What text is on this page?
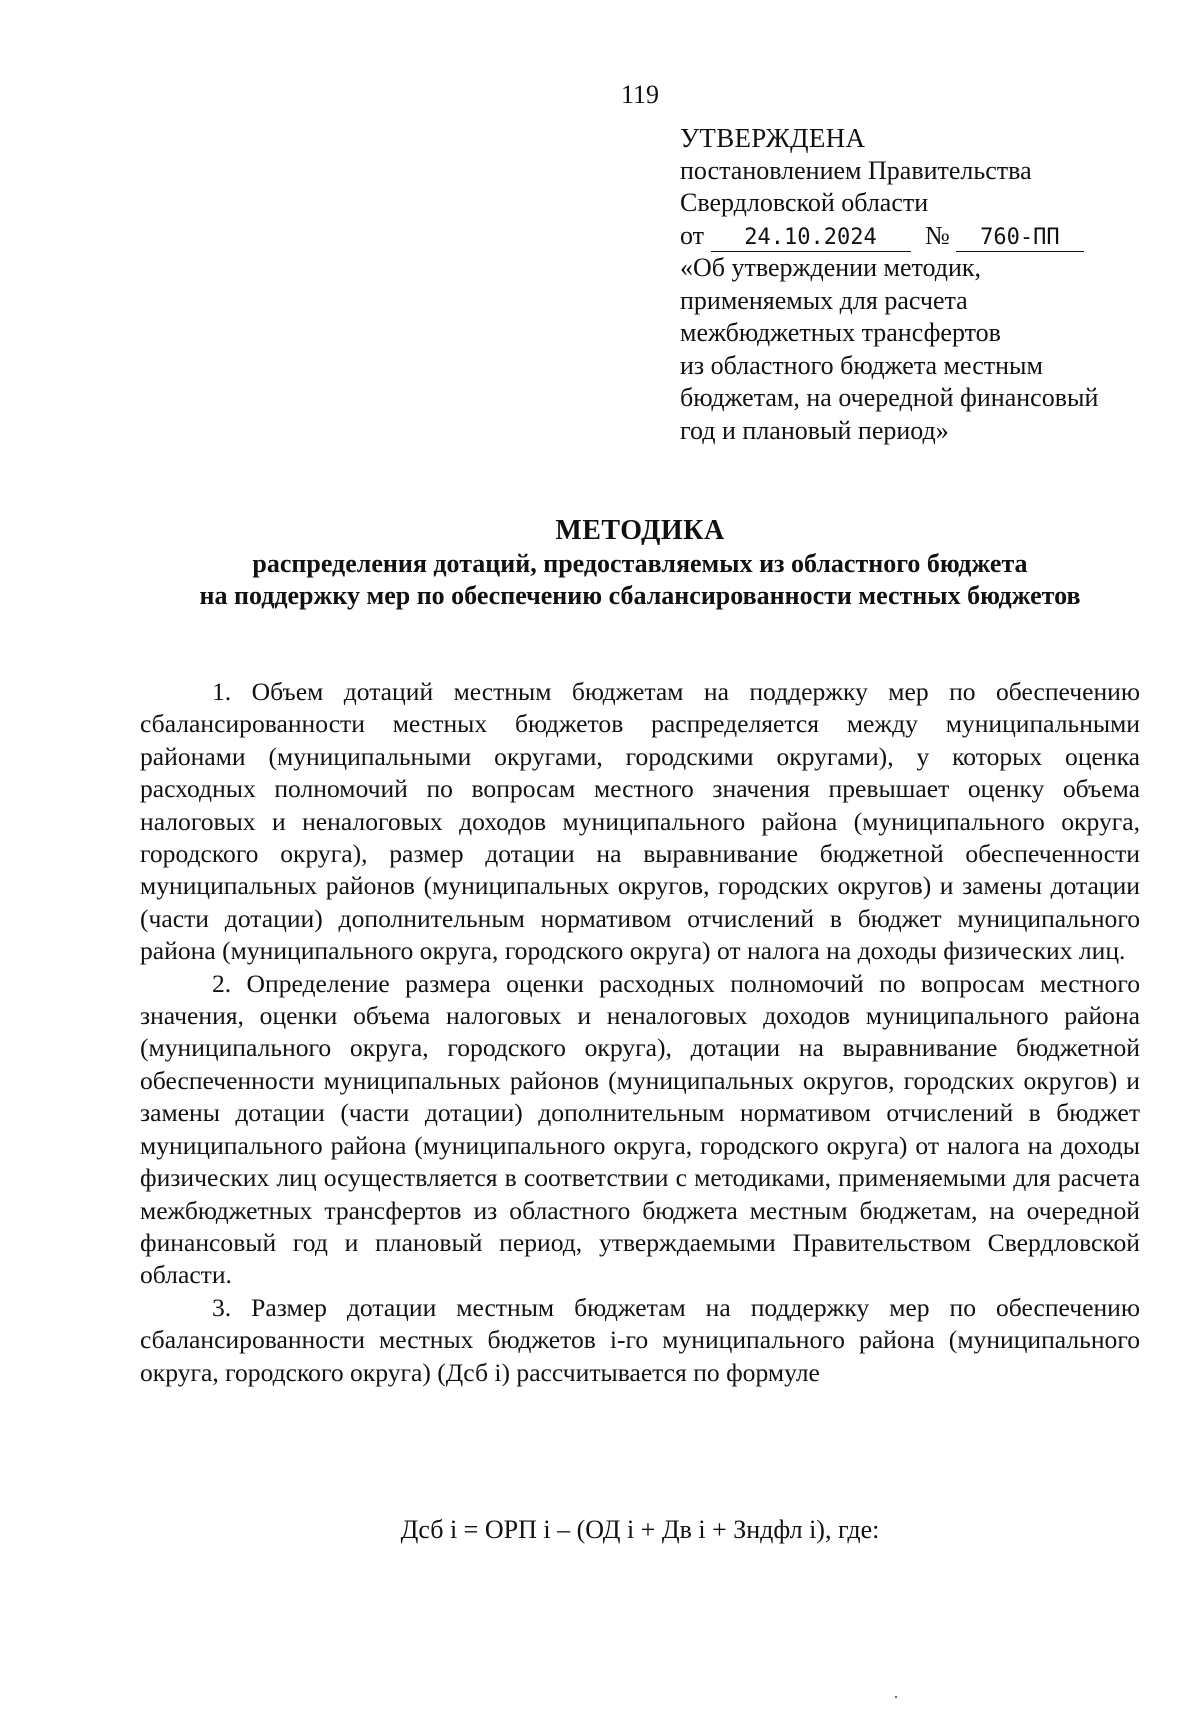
119
УТВЕРЖДЕНА
постановлением Правительства
Свердловской области
от 24.10.2024 № 760-ПП
«Об утверждении методик,
применяемых для расчета
межбюджетных трансфертов
из областного бюджета местным
бюджетам, на очередной финансовый
год и плановый период»
МЕТОДИКА
распределения дотаций, предоставляемых из областного бюджета
на поддержку мер по обеспечению сбалансированности местных бюджетов

1. Объем дотаций местным бюджетам на поддержку мер по обеспечению сбалансированности местных бюджетов распределяется между муниципальными районами (муниципальными округами, городскими округами), у которых оценка расходных полномочий по вопросам местного значения превышает оценку объема налоговых и неналоговых доходов муниципального района (муниципального округа, городского округа), размер дотации на выравнивание бюджетной обеспеченности муниципальных районов (муниципальных округов, городских округов) и замены дотации (части дотации) дополнительным нормативом отчислений в бюджет муниципального района (муниципального округа, городского округа) от налога на доходы физических лиц.

2. Определение размера оценки расходных полномочий по вопросам местного значения, оценки объема налоговых и неналоговых доходов муниципального района (муниципального округа, городского округа), дотации на выравнивание бюджетной обеспеченности муниципальных районов (муниципальных округов, городских округов) и замены дотации (части дотации) дополнительным нормативом отчислений в бюджет муниципального района (муниципального округа, городского округа) от налога на доходы физических лиц осуществляется в соответствии с методиками, применяемыми для расчета межбюджетных трансфертов из областного бюджета местным бюджетам, на очередной финансовый год и плановый период, утверждаемыми Правительством Свердловской области.

3. Размер дотации местным бюджетам на поддержку мер по обеспечению сбалансированности местных бюджетов i-го муниципального района (муниципального округа, городского округа) (Дсб i) рассчитывается по формуле

Дсб i = ОРП i – (ОД i + Дв i + Зндфл i), где:
